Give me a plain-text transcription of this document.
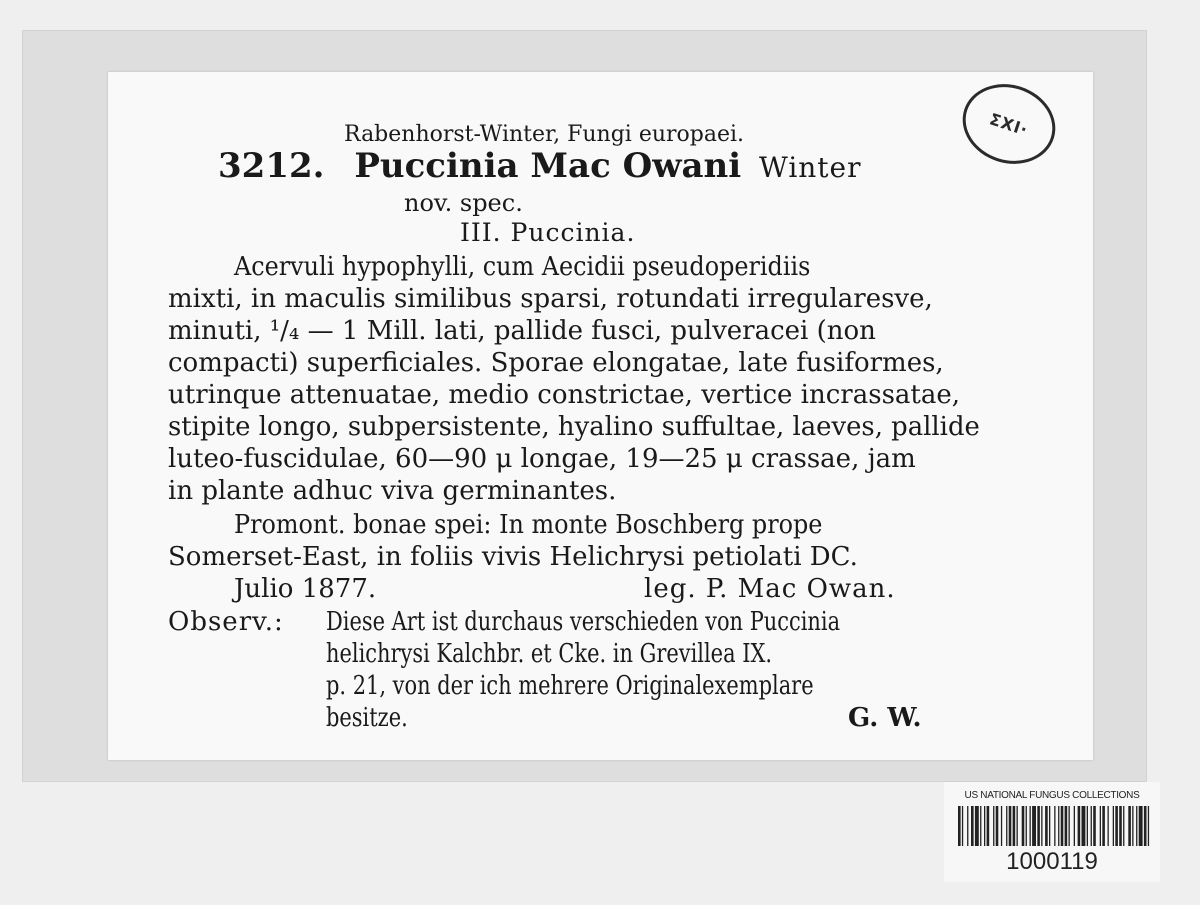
Rabenhorst-Winter, Fungi europaei.
3212. Puccinia Mac Owani Winter
nov. spec.
III. Puccinia.
Acervuli hypophylli, cum Aecidii pseudoperidiis
mixti, in maculis similibus sparsi, rotundati irregularesve,
minuti, ¹/₄ — 1 Mill. lati, pallide fusci, pulveracei (non
compacti) superficiales. Sporae elongatae, late fusiformes,
utrinque attenuatae, medio constrictae, vertice incrassatae,
stipite longo, subpersistente, hyalino suffultae, laeves, pallide
luteo-fuscidulae, 60—90 μ longae, 19—25 μ crassae, jam
in plante adhuc viva germinantes.
Promont. bonae spei: In monte Boschberg prope
Somerset-East, in foliis vivis Helichrysi petiolati DC.
Julio 1877.	leg. P. Mac Owan.
Observ.: Diese Art ist durchaus verschieden von Puccinia
helichrysi Kalchbr. et Cke. in Grevillea IX.
p. 21, von der ich mehrere Originalexemplare
besitze.	G. W.
ΣΧΙ·
US NATIONAL FUNGUS COLLECTIONS
1000119
